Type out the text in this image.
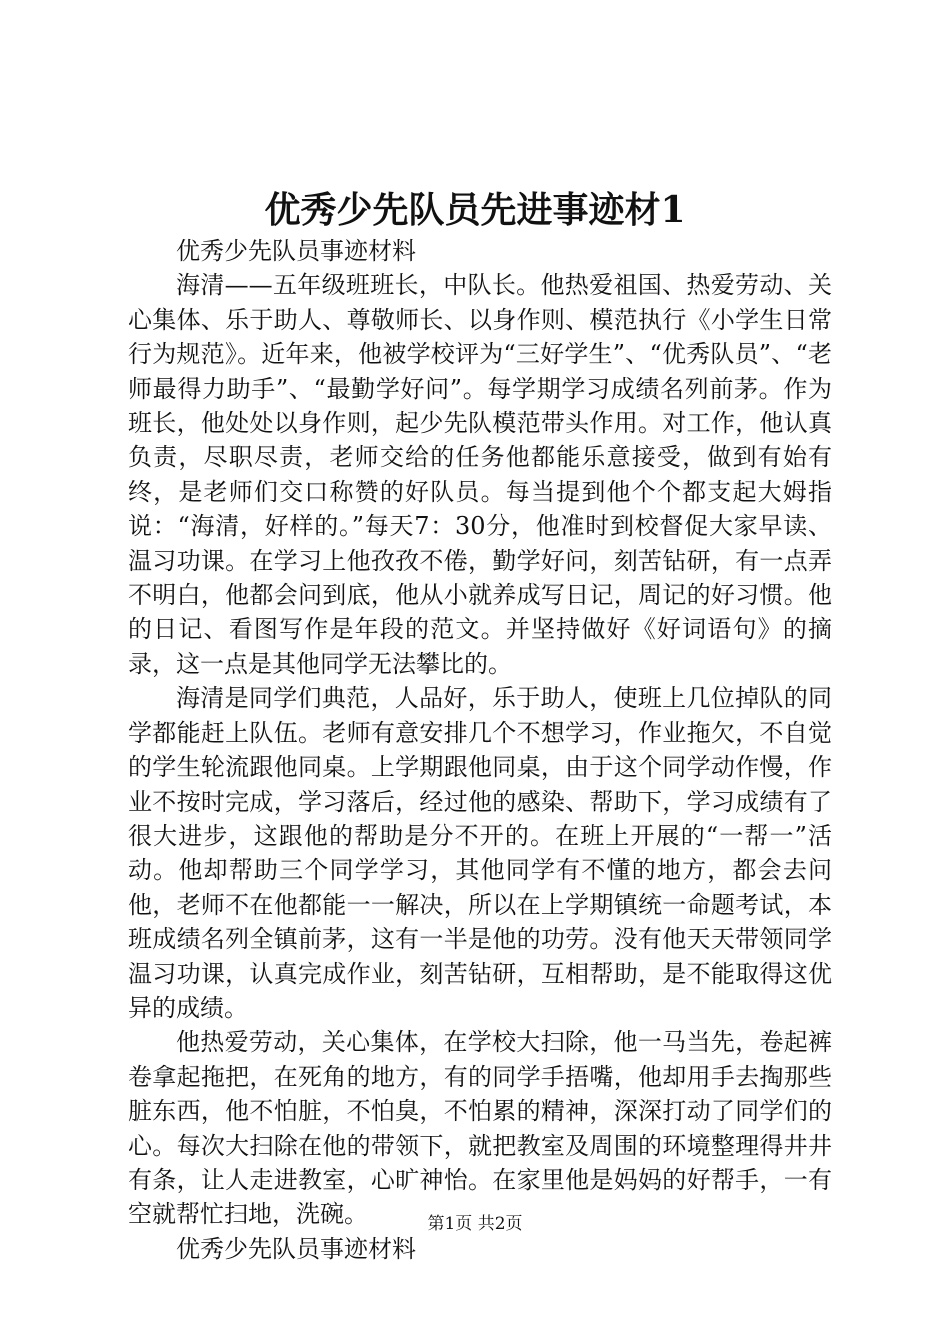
优秀少先队员先进事迹材1

优秀少先队员事迹材料

海清——五年级班班长，中队长。他热爱祖国、热爱劳动、关心集体、乐于助人、尊敬师长、以身作则、模范执行《小学生日常行为规范》。近年来，他被学校评为“三好学生”、“优秀队员”、“老师最得力助手”、“最勤学好问”。每学期学习成绩名列前茅。作为班长，他处处以身作则，起少先队模范带头作用。对工作，他认真负责，尽职尽责，老师交给的任务他都能乐意接受，做到有始有终，是老师们交口称赞的好队员。每当提到他个个都支起大姆指说：“海清，好样的。”每天7：30分，他准时到校督促大家早读、温习功课。在学习上他孜孜不倦，勤学好问，刻苦钻研，有一点弄不明白，他都会问到底，他从小就养成写日记，周记的好习惯。他的日记、看图写作是年段的范文。并坚持做好《好词语句》的摘录，这一点是其他同学无法攀比的。

海清是同学们典范，人品好，乐于助人，使班上几位掉队的同学都能赶上队伍。老师有意安排几个不想学习，作业拖欠，不自觉的学生轮流跟他同桌。上学期跟他同桌，由于这个同学动作慢，作业不按时完成，学习落后，经过他的感染、帮助下，学习成绩有了很大进步，这跟他的帮助是分不开的。在班上开展的“一帮一”活动。他却帮助三个同学学习，其他同学有不懂的地方，都会去问他，老师不在他都能一一解决，所以在上学期镇统一命题考试，本班成绩名列全镇前茅，这有一半是他的功劳。没有他天天带领同学温习功课，认真完成作业，刻苦钻研，互相帮助，是不能取得这优异的成绩。

他热爱劳动，关心集体，在学校大扫除，他一马当先，卷起裤卷拿起拖把，在死角的地方，有的同学手捂嘴，他却用手去掏那些脏东西，他不怕脏，不怕臭，不怕累的精神，深深打动了同学们的心。每次大扫除在他的带领下，就把教室及周围的环境整理得井井有条，让人走进教室，心旷神怡。在家里他是妈妈的好帮手，一有空就帮忙扫地，洗碗。

优秀少先队员事迹材料

第1页 共2页
